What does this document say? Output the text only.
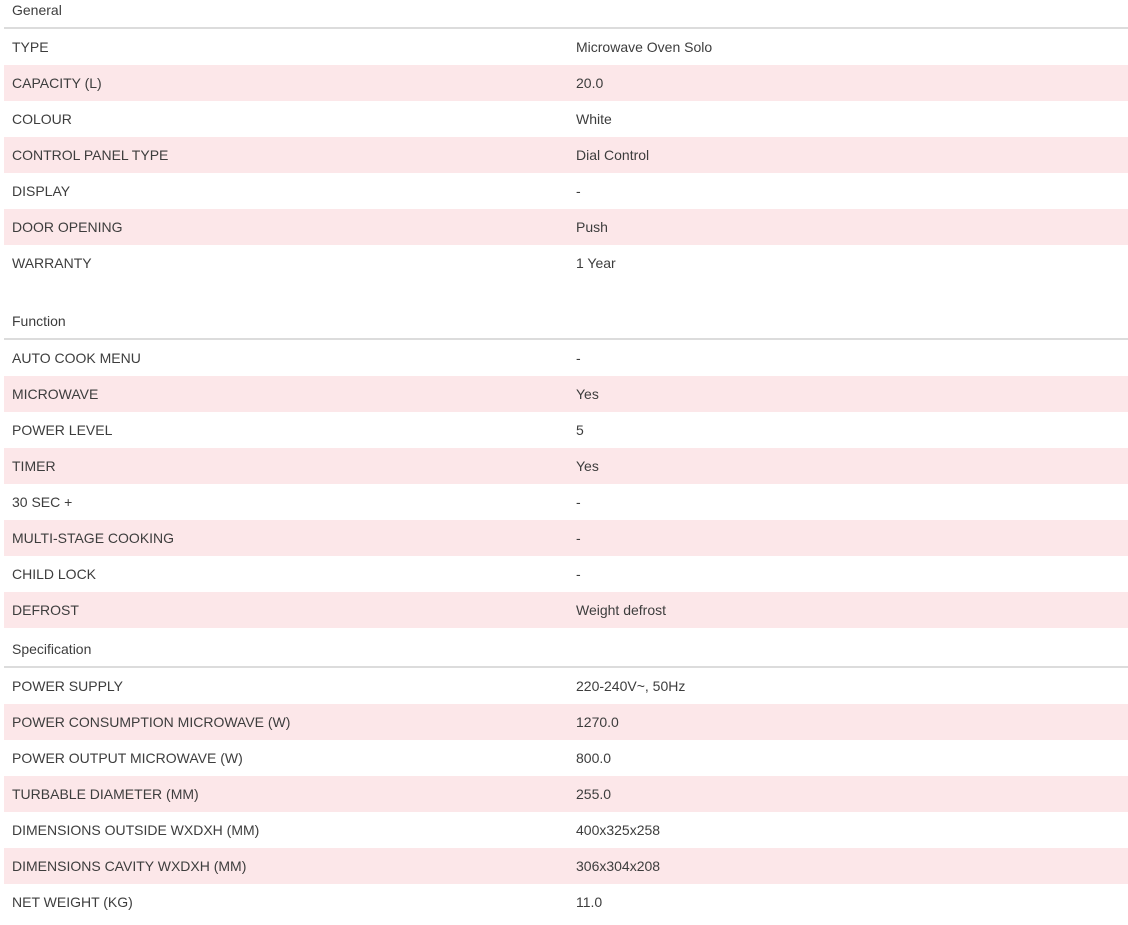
General
TYPE	Microwave Oven Solo
CAPACITY (L)	20.0
COLOUR	White
CONTROL PANEL TYPE	Dial Control
DISPLAY	-
DOOR OPENING	Push
WARRANTY	1 Year
Function
AUTO COOK MENU	-
MICROWAVE	Yes
POWER LEVEL	5
TIMER	Yes
30 SEC +	-
MULTI-STAGE COOKING	-
CHILD LOCK	-
DEFROST	Weight defrost
Specification
POWER SUPPLY	220-240V~, 50Hz
POWER CONSUMPTION MICROWAVE (W)	1270.0
POWER OUTPUT MICROWAVE (W)	800.0
TURBABLE DIAMETER (MM)	255.0
DIMENSIONS OUTSIDE WXDXH (MM)	400x325x258
DIMENSIONS CAVITY WXDXH (MM)	306x304x208
NET WEIGHT (KG)	11.0
